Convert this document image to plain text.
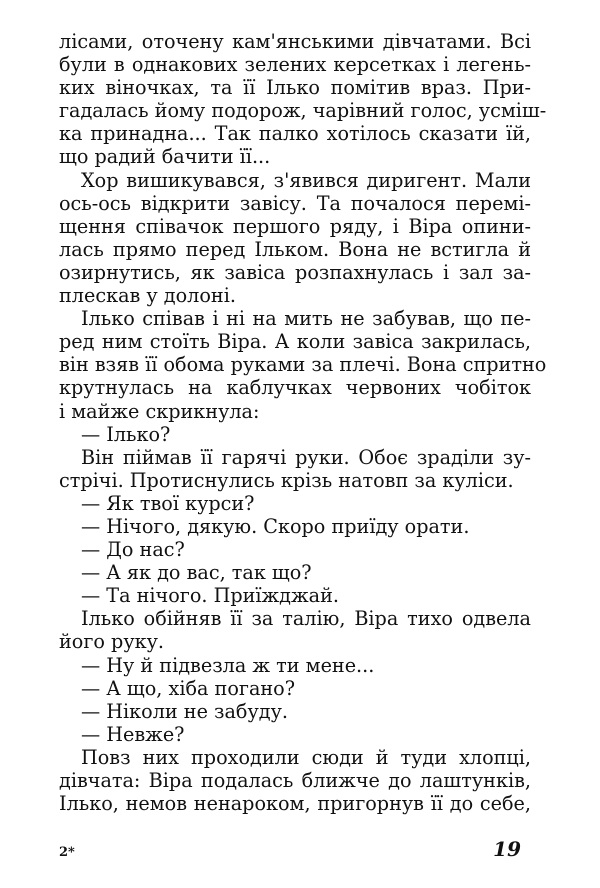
лісами, оточену кам'янськими дівчатами. Всі
були в однакових зелених керсетках і легень-
ких віночках, та її Ілько помітив враз. При-
гадалась йому подорож, чарівний голос, усміш-
ка принадна... Так палко хотілось сказати їй,
що радий бачити її...
Хор вишикувався, з'явився диригент. Мали
ось-ось відкрити завісу. Та почалося перемі-
щення співачок першого ряду, і Віра опини-
лась прямо перед Ільком. Вона не встигла й
озирнутись, як завіса розпахнулась і зал за-
плескав у долоні.
Ілько співав і ні на мить не забував, що пе-
ред ним стоїть Віра. А коли завіса закрилась,
він взяв її обома руками за плечі. Вона спритно
крутнулась на каблучках червоних чобіток
і майже скрикнула:
— Ілько?
Він піймав її гарячі руки. Обоє зраділи зу-
стрічі. Протиснулись крізь натовп за куліси.
— Як твої курси?
— Нічого, дякую. Скоро приїду орати.
— До нас?
— А як до вас, так що?
— Та нічого. Приїжджай.
Ілько обійняв її за талію, Віра тихо одвела
його руку.
— Ну й підвезла ж ти мене...
— А що, хіба погано?
— Ніколи не забуду.
— Невже?
Повз них проходили сюди й туди хлопці,
дівчата: Віра подалась ближче до лаштунків,
Ілько, немов ненароком, пригорнув її до себе,
2*	19
